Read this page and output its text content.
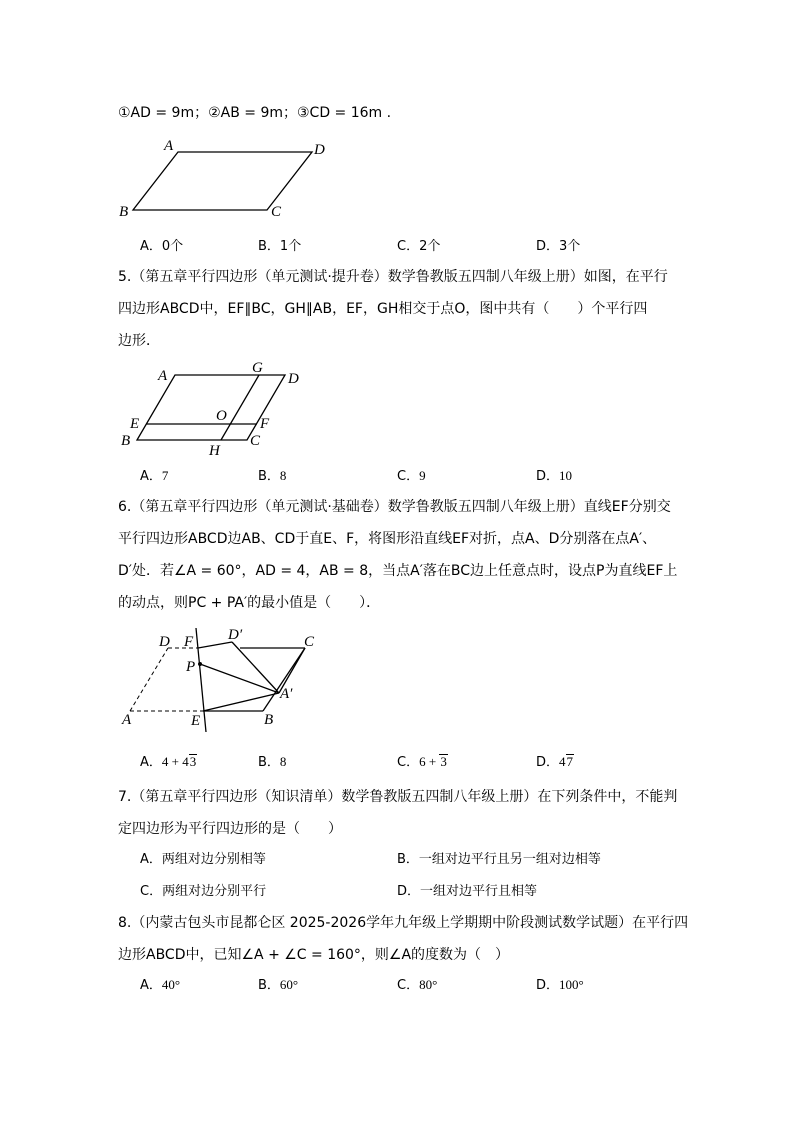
①AD = 9m；②AB = 9m；③CD = 16m .
A	D
B	C
A．0个	B．1个	C．2个	D．3个
5.（第五章平行四边形（单元测试·提升卷）数学鲁教版五四制八年级上册）如图，在平行
四边形ABCD中，EF∥BC，GH∥AB，EF，GH相交于点O，图中共有（　　）个平行四
边形．
A	G
D
E	O F
B
H
C
A．7	B．8	C．9	D．10
6.（第五章平行四边形（单元测试·基础卷）数学鲁教版五四制八年级上册）直线EF分别交
平行四边形ABCD边AB、CD于直E、F，将图形沿直线EF对折，点A、D分别落在点A′、
D′处．若∠A = 60°，AD = 4，AB = 8，当点A′落在BC边上任意点时，设点P为直线EF上
的动点，则PC + PA′的最小值是（　　）．
D F D′	C
P
A′
A	E	B
A．4 + 43	B．8	C．6 + 3	D．47
7.（第五章平行四边形（知识清单）数学鲁教版五四制八年级上册）在下列条件中，不能判
定四边形为平行四边形的是（　　）
A．两组对边分别相等	B．一组对边平行且另一组对边相等
C．两组对边分别平行	D．一组对边平行且相等
8.（内蒙古包头市昆都仑区 2025-2026学年九年级上学期期中阶段测试数学试题）在平行四
边形ABCD中，已知∠A + ∠C = 160°，则∠A的度数为（　）
A．40°	B．60°	C．80°	D．100°
